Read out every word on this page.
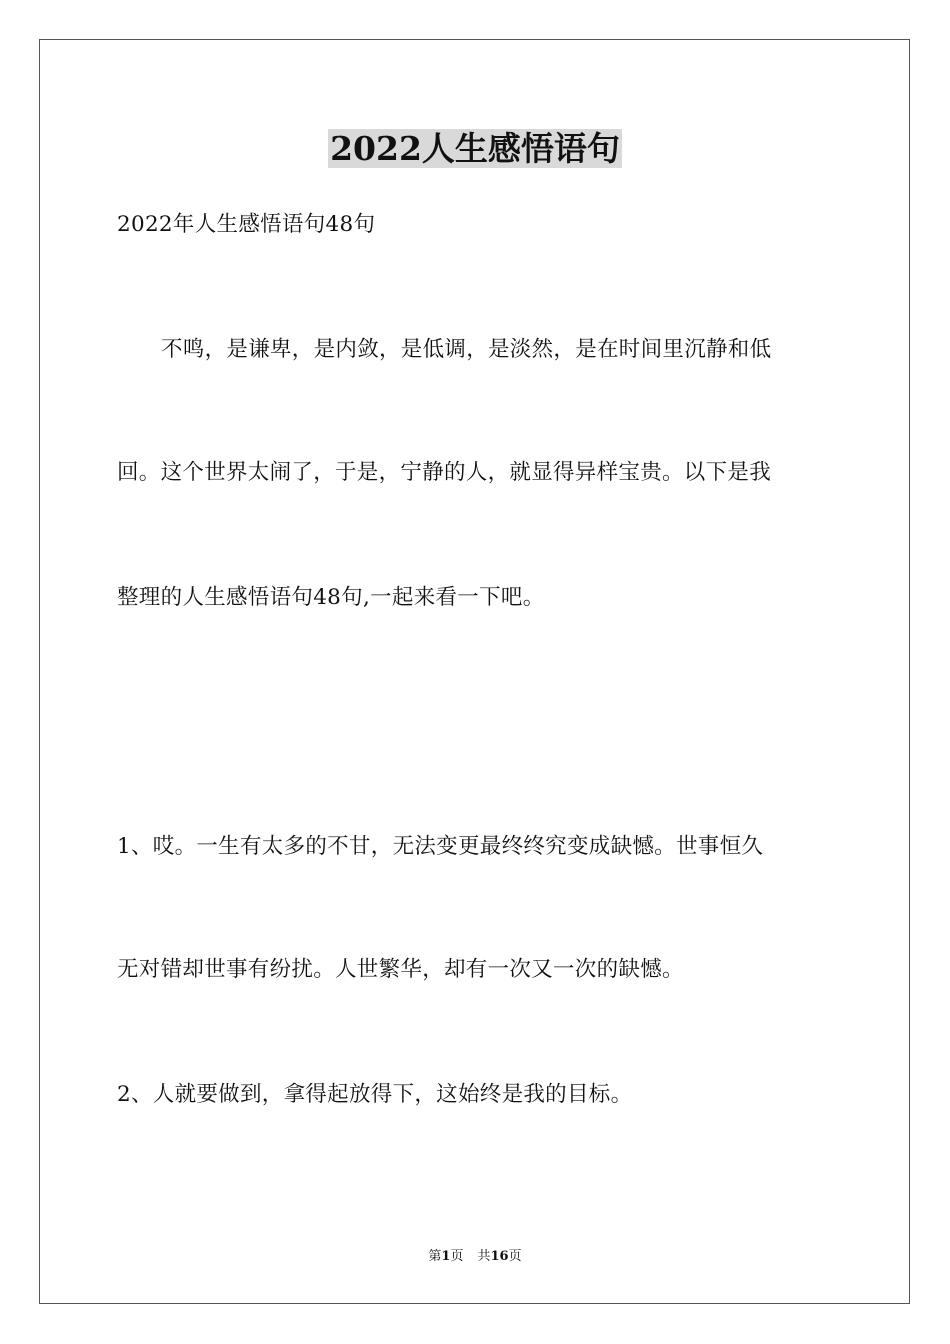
2022人生感悟语句
2022年人生感悟语句48句
不鸣，是谦卑，是内敛，是低调，是淡然，是在时间里沉静和低
回。这个世界太闹了，于是，宁静的人，就显得异样宝贵。以下是我
整理的人生感悟语句48句,一起来看一下吧。
1、哎。一生有太多的不甘，无法变更最终终究变成缺憾。世事恒久
无对错却世事有纷扰。人世繁华，却有一次又一次的缺憾。
2、人就要做到，拿得起放得下，这始终是我的目标。
第1页 共16页
